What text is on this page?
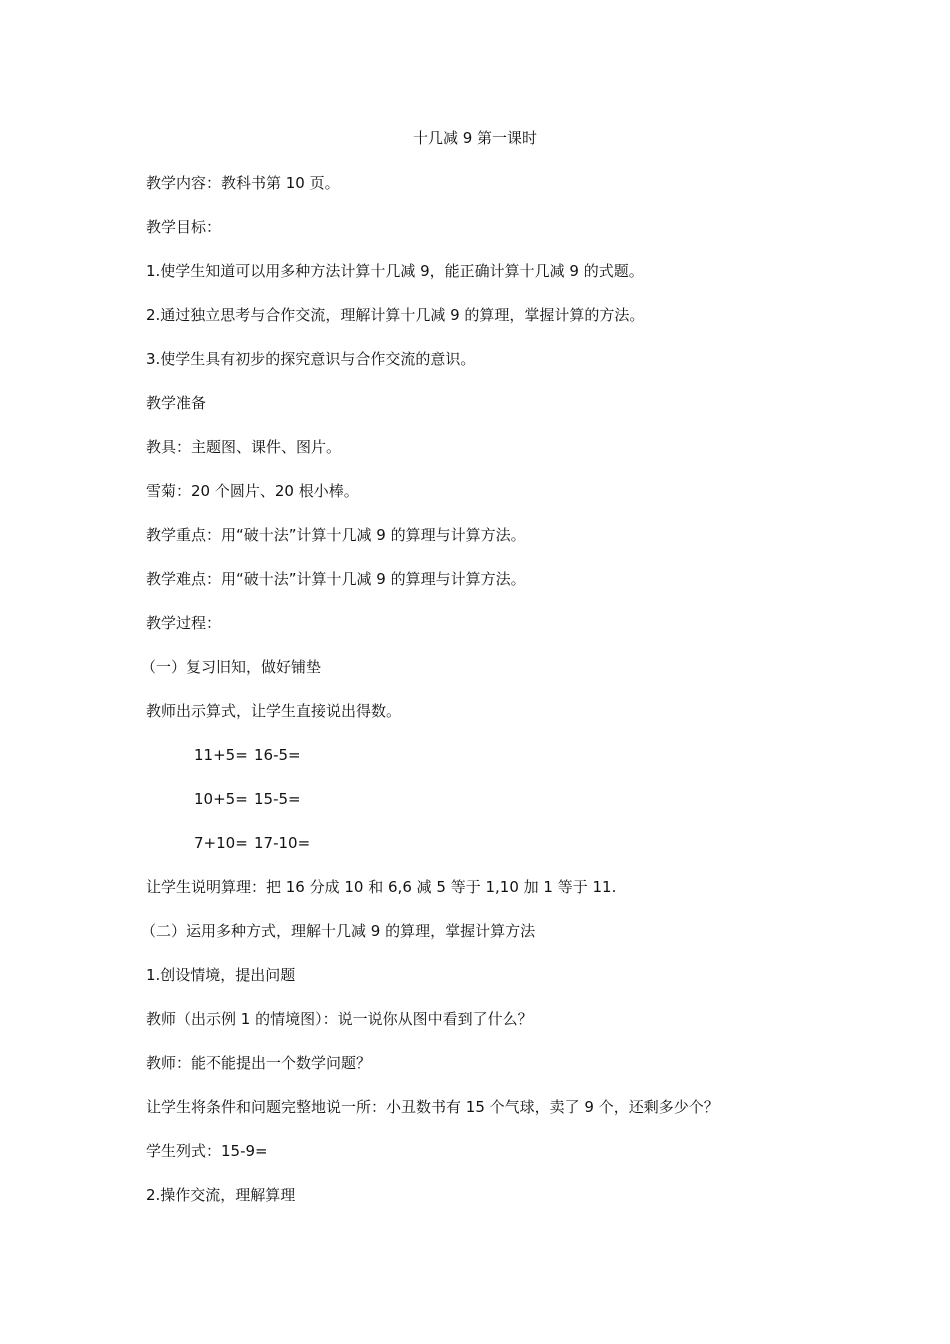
十几减 9 第一课时
教学内容：教科书第 10 页。
教学目标：
1.使学生知道可以用多种方法计算十几减 9，能正确计算十几减 9 的式题。
2.通过独立思考与合作交流，理解计算十几减 9 的算理，掌握计算的方法。
3.使学生具有初步的探究意识与合作交流的意识。
教学准备
教具：主题图、课件、图片。
雪菊：20 个圆片、20 根小棒。
教学重点：用“破十法”计算十几减 9 的算理与计算方法。
教学难点：用“破十法”计算十几减 9 的算理与计算方法。
教学过程：
（一）复习旧知，做好铺垫
教师出示算式，让学生直接说出得数。
11+5= 16-5=
10+5= 15-5=
7+10= 17-10=
让学生说明算理：把 16 分成 10 和 6,6 减 5 等于 1,10 加 1 等于 11.
（二）运用多种方式，理解十几减 9 的算理，掌握计算方法
1.创设情境，提出问题
教师（出示例 1 的情境图）：说一说你从图中看到了什么？
教师：能不能提出一个数学问题？
让学生将条件和问题完整地说一所：小丑数书有 15 个气球，卖了 9 个，还剩多少个？
学生列式：15-9=
2.操作交流，理解算理
